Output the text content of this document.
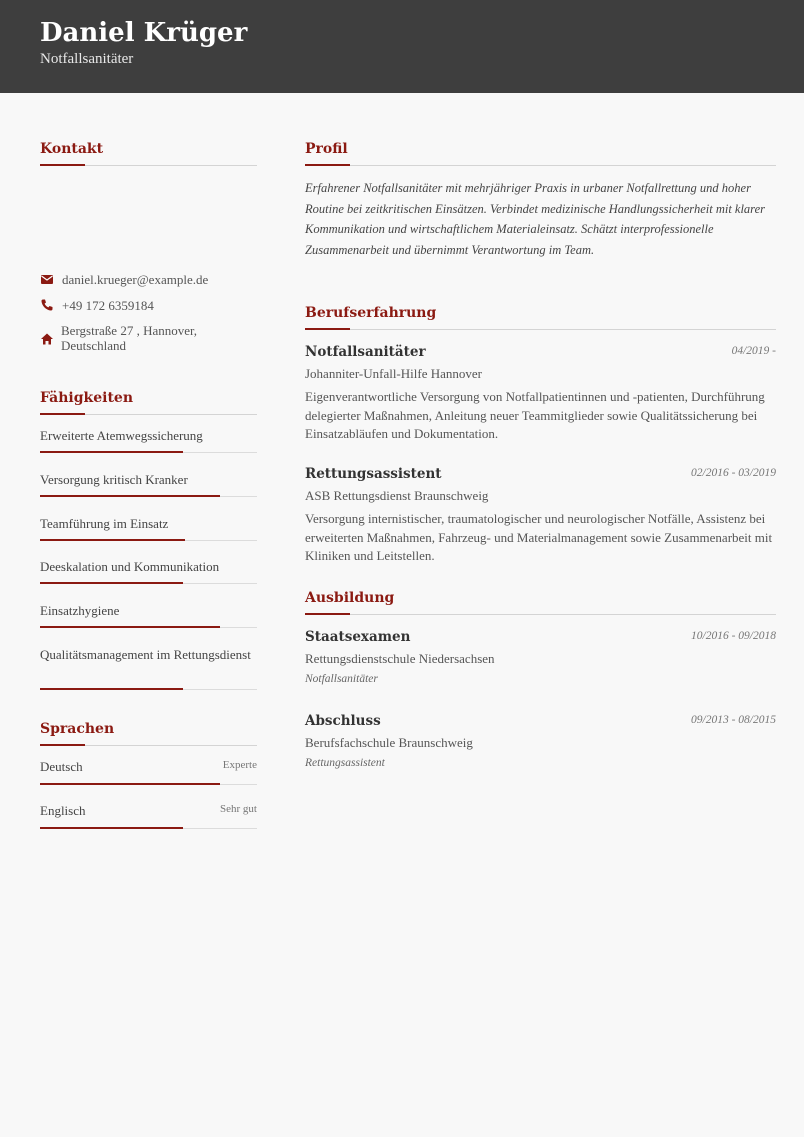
Daniel Krüger
Notfallsanitäter
Kontakt
daniel.krueger@example.de
+49 172 6359184
Bergstraße 27 , Hannover,
Deutschland
Fähigkeiten
Erweiterte Atemwegssicherung
Versorgung kritisch Kranker
Teamführung im Einsatz
Deeskalation und Kommunikation
Einsatzhygiene
Qualitätsmanagement im Rettungsdienst
Sprachen
Deutsch	Experte
Englisch	Sehr gut
Profil
Erfahrener Notfallsanitäter mit mehrjähriger Praxis in urbaner Notfallrettung und hoher Routine bei zeitkritischen Einsätzen. Verbindet medizinische Handlungssicherheit mit klarer Kommunikation und wirtschaftlichem Materialeinsatz. Schätzt interprofessionelle Zusammenarbeit und übernimmt Verantwortung im Team.
Berufserfahrung
Notfallsanitäter	04/2019 -
Johanniter-Unfall-Hilfe Hannover
Eigenverantwortliche Versorgung von Notfallpatientinnen und -patienten, Durchführung delegierter Maßnahmen, Anleitung neuer Teammitglieder sowie Qualitätssicherung bei Einsatzabläufen und Dokumentation.
Rettungsassistent	02/2016 - 03/2019
ASB Rettungsdienst Braunschweig
Versorgung internistischer, traumatologischer und neurologischer Notfälle, Assistenz bei erweiterten Maßnahmen, Fahrzeug- und Materialmanagement sowie Zusammenarbeit mit Kliniken und Leitstellen.
Ausbildung
Staatsexamen	10/2016 - 09/2018
Rettungsdienstschule Niedersachsen
Notfallsanitäter
Abschluss	09/2013 - 08/2015
Berufsfachschule Braunschweig
Rettungsassistent
